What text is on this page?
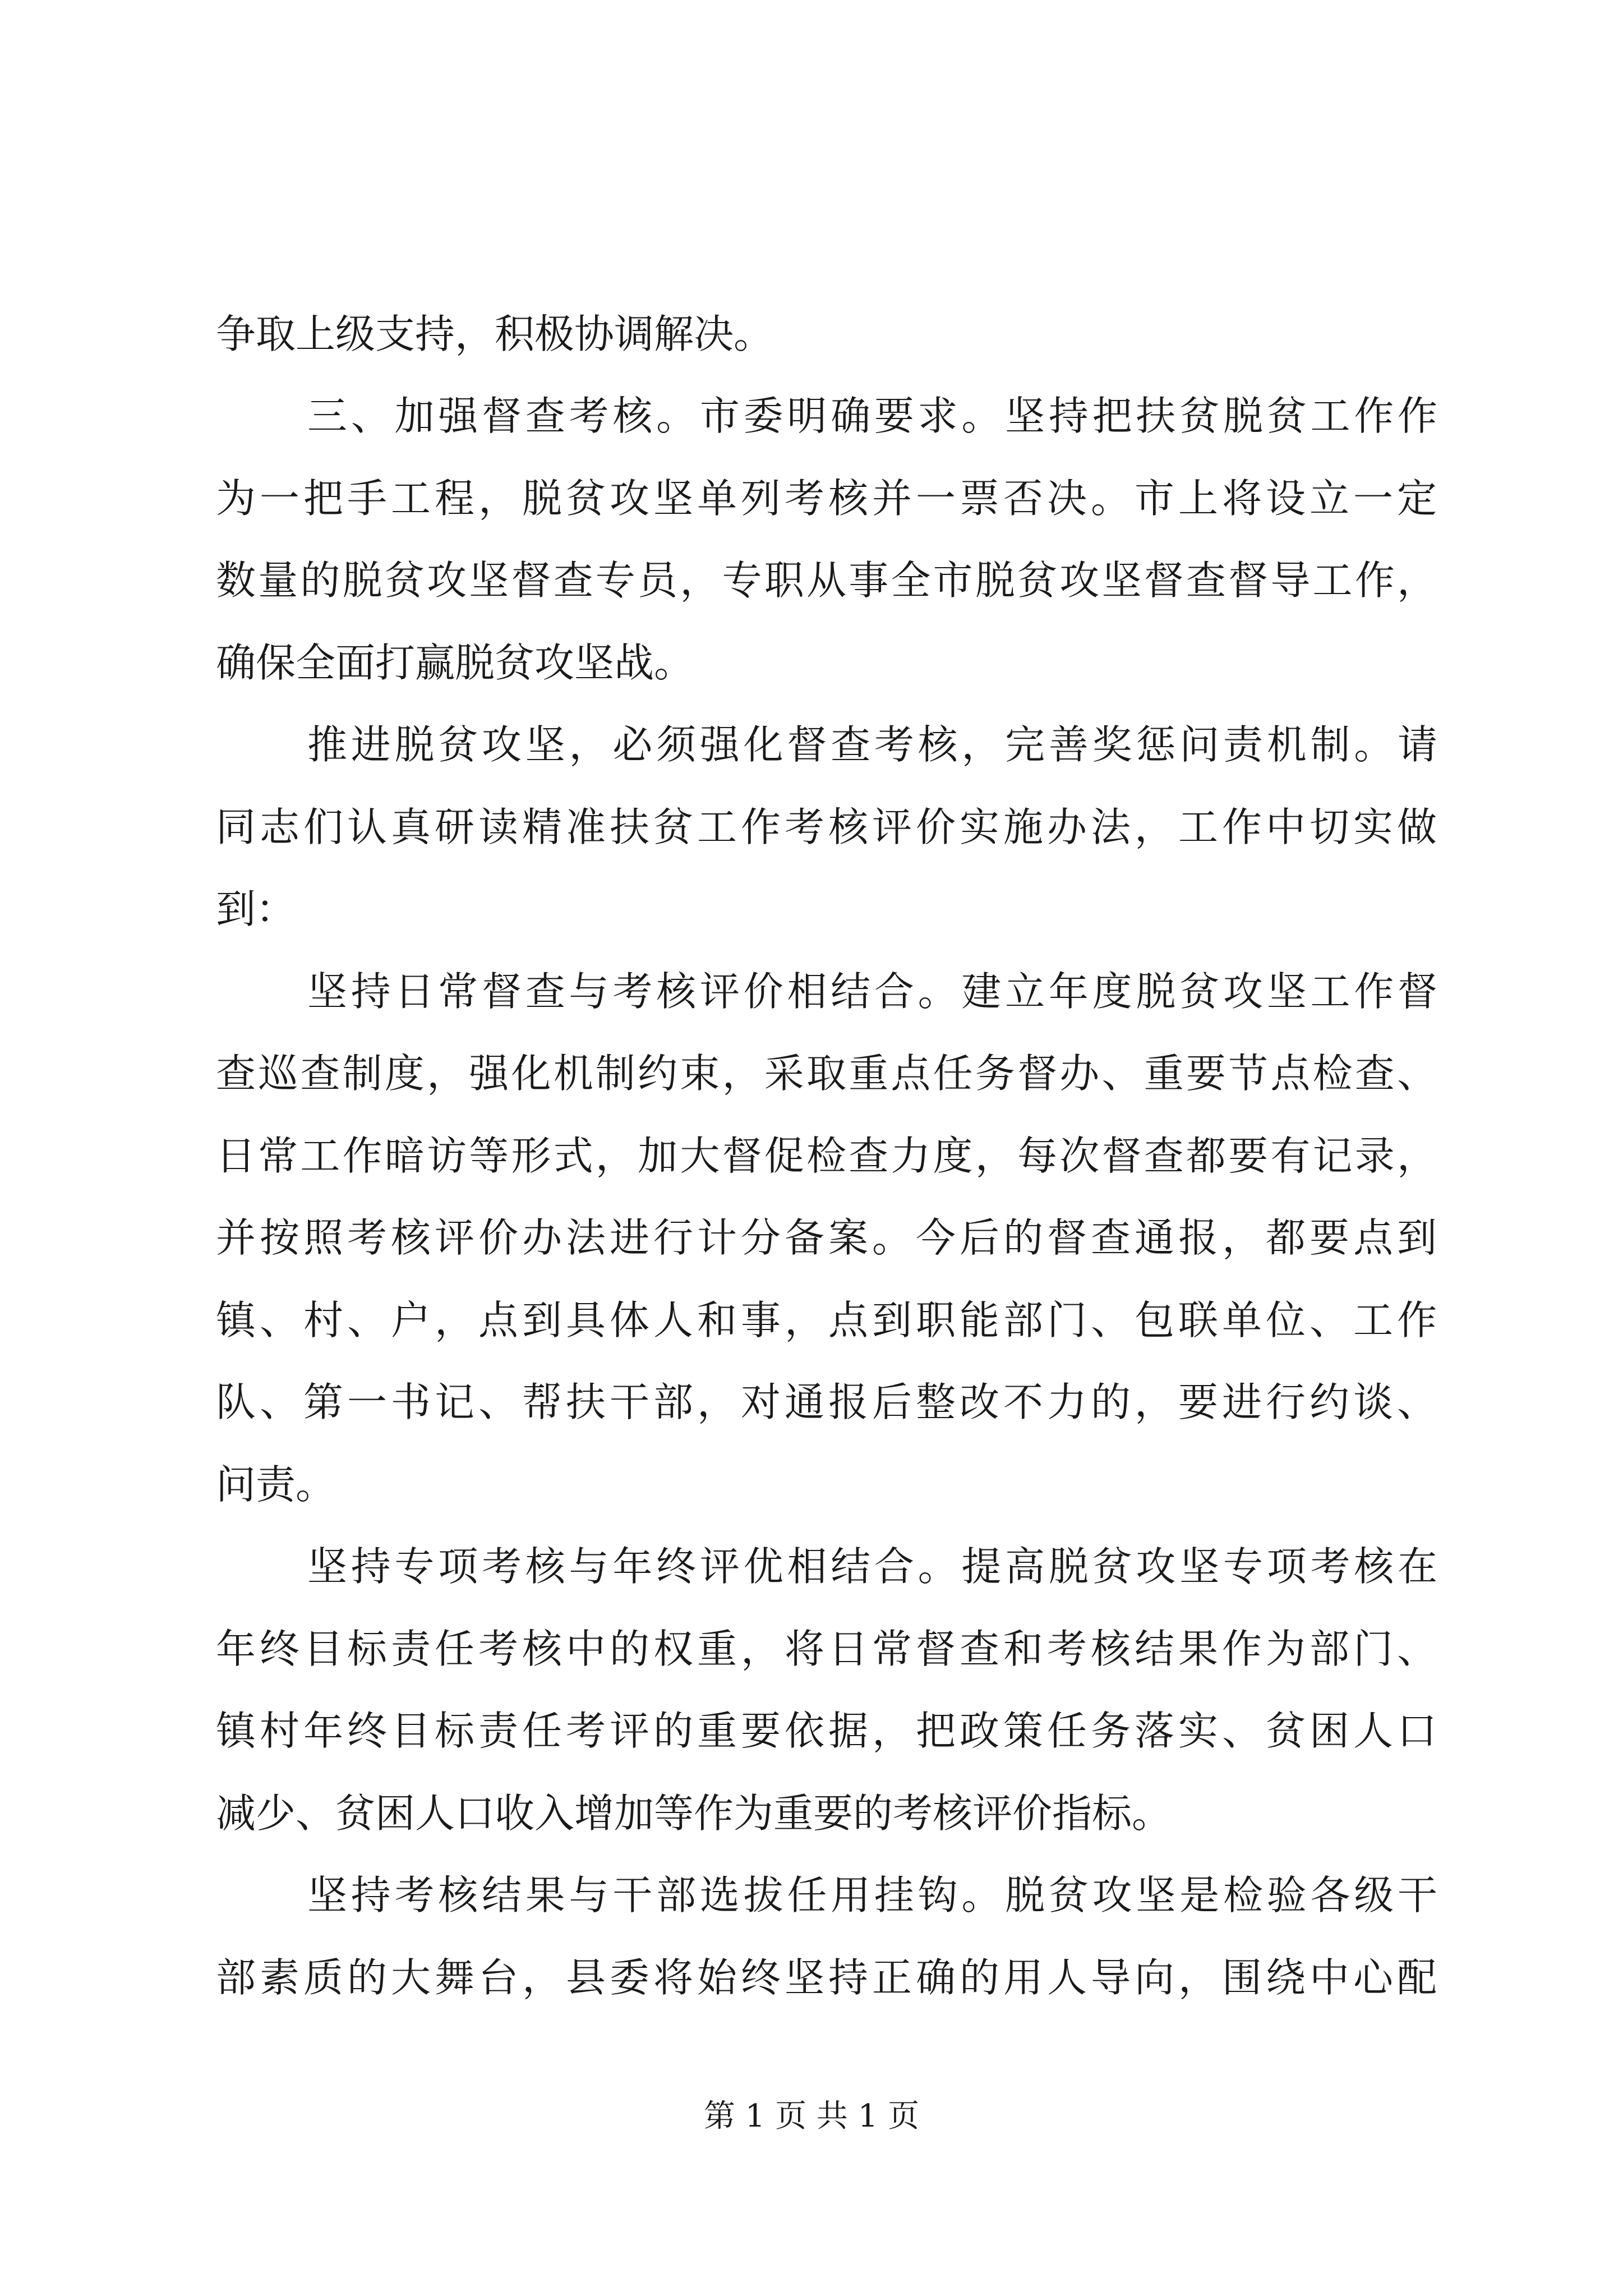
争取上级支持，积极协调解决。
三、加强督查考核。市委明确要求。坚持把扶贫脱贫工作作
为一把手工程，脱贫攻坚单列考核并一票否决。市上将设立一定
数量的脱贫攻坚督查专员，专职从事全市脱贫攻坚督查督导工作，
确保全面打赢脱贫攻坚战。
推进脱贫攻坚，必须强化督查考核，完善奖惩问责机制。请
同志们认真研读精准扶贫工作考核评价实施办法，工作中切实做
到：
坚持日常督查与考核评价相结合。建立年度脱贫攻坚工作督
查巡查制度，强化机制约束，采取重点任务督办、重要节点检查、
日常工作暗访等形式，加大督促检查力度，每次督查都要有记录，
并按照考核评价办法进行计分备案。今后的督查通报，都要点到
镇、村、户，点到具体人和事，点到职能部门、包联单位、工作
队、第一书记、帮扶干部，对通报后整改不力的，要进行约谈、
问责。
坚持专项考核与年终评优相结合。提高脱贫攻坚专项考核在
年终目标责任考核中的权重，将日常督查和考核结果作为部门、
镇村年终目标责任考评的重要依据，把政策任务落实、贫困人口
减少、贫困人口收入增加等作为重要的考核评价指标。
坚持考核结果与干部选拔任用挂钩。脱贫攻坚是检验各级干
部素质的大舞台，县委将始终坚持正确的用人导向，围绕中心配
第 1 页 共 1 页
